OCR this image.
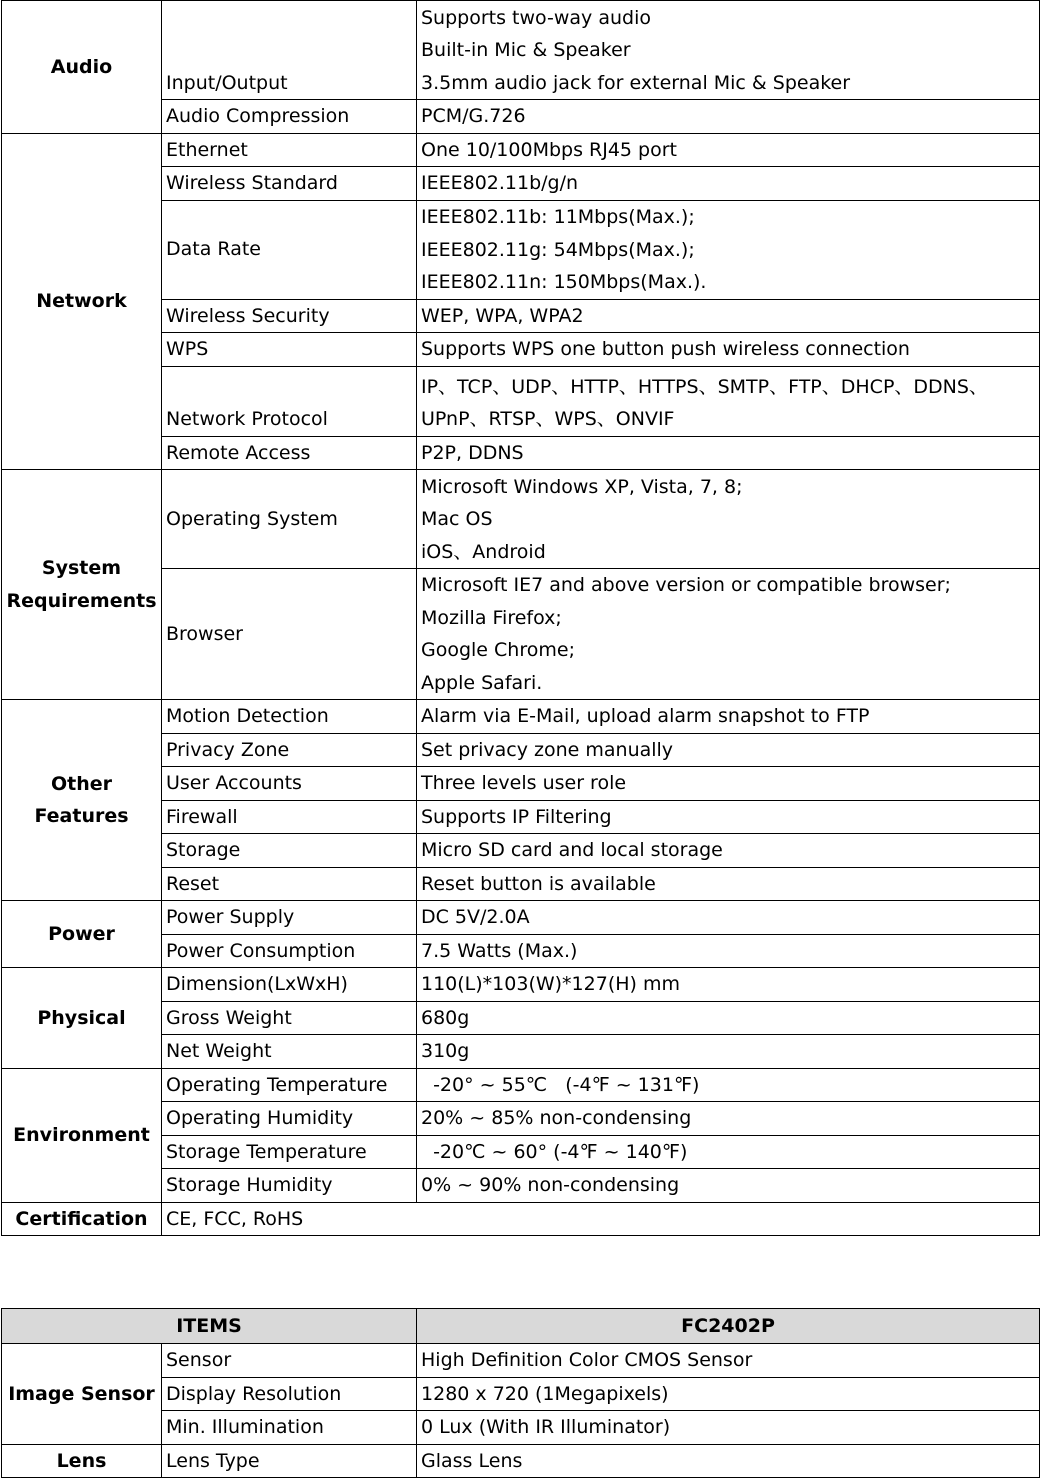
Audio	Input/Output	Supports two-way audio
Built-in Mic & Speaker
3.5mm audio jack for external Mic & Speaker

	Audio Compression	PCM/G.726
Network	Ethernet	One 10/100Mbps RJ45 port
	Wireless Standard	IEEE802.11b/g/n
	Data Rate	IEEE802.11b: 11Mbps(Max.);
IEEE802.11g: 54Mbps(Max.);
IEEE802.11n: 150Mbps(Max.).

	Wireless Security	WEP, WPA, WPA2
	WPS	Supports WPS one button push wireless connection
	Network Protocol	IP、TCP、UDP、HTTP、HTTPS、SMTP、FTP、DHCP、DDNS、
UPnP、RTSP、WPS、ONVIF

	Remote Access	P2P, DDNS

System
Requirements	Operating System	Microsoft Windows XP, Vista, 7, 8;
Mac OS
iOS、Android

	Browser	Microsoft IE7 and above version or compatible browser;
Mozilla Firefox;
Google Chrome;
Apple Safari.

Other Features	Motion Detection	Alarm via E-Mail, upload alarm snapshot to FTP
	Privacy Zone	Set privacy zone manually
	User Accounts	Three levels user role
	Firewall	Supports IP Filtering
	Storage	Micro SD card and local storage
	Reset	Reset button is available
Power	Power Supply	DC 5V/2.0A
	Power Consumption	7.5 Watts (Max.)
Physical	Dimension(LxWxH)	110(L)*103(W)*127(H) mm
	Gross Weight	680g
	Net Weight	310g
Environment	Operating Temperature	-20° ~ 55℃   (-4℉ ~ 131℉)
	Operating Humidity	20% ~ 85% non-condensing
	Storage Temperature	-20℃ ~ 60° (-4℉ ~ 140℉)
	Storage Humidity	0% ~ 90% non-condensing
Certification	CE, FCC, RoHS	
ITEMS		FC2402P
Image Sensor	Sensor	High Definition Color CMOS Sensor
	Display Resolution	1280 x 720 (1Megapixels)
	Min. Illumination	0 Lux (With IR Illuminator)
Lens	Lens Type	Glass Lens
